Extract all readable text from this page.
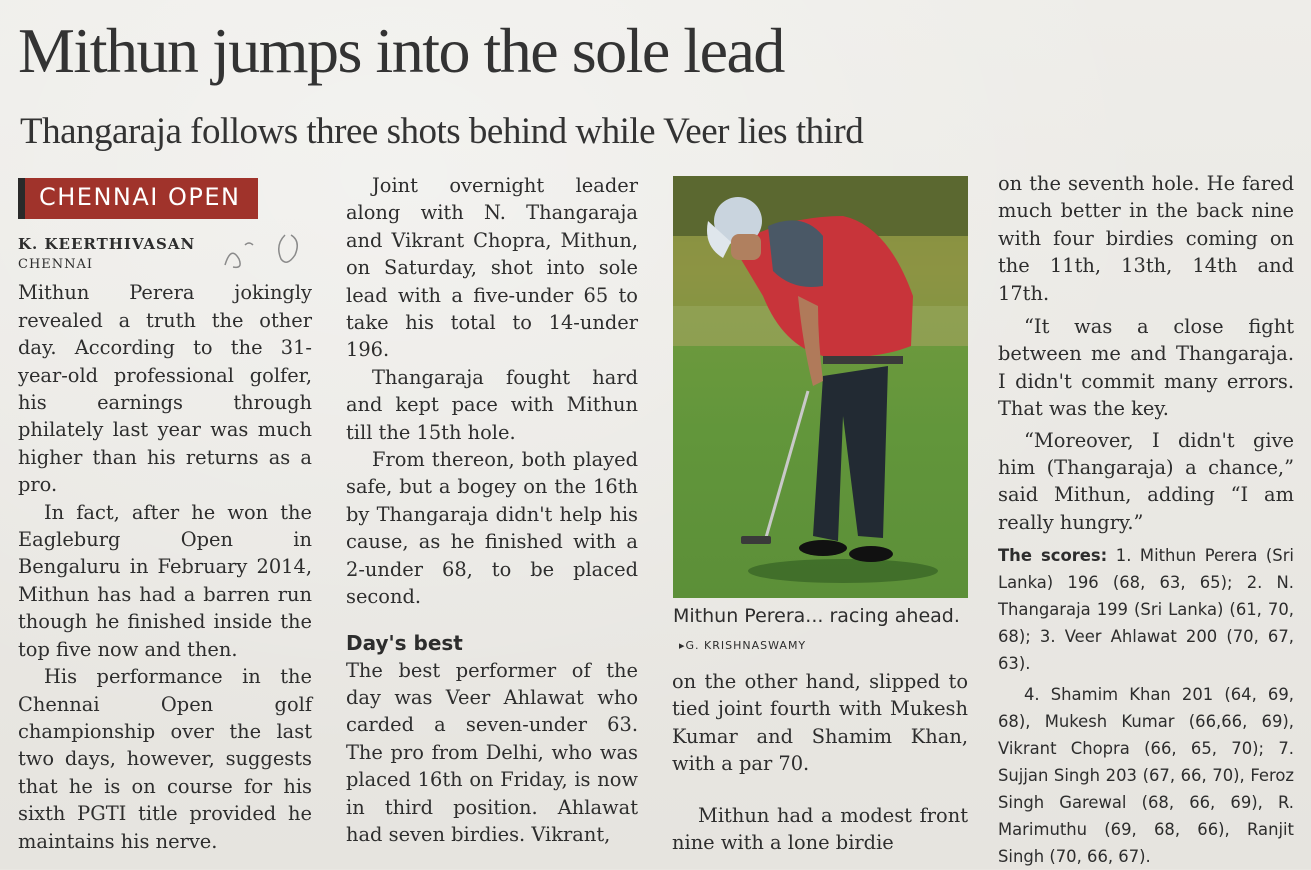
Mithun jumps into the sole lead
Thangaraja follows three shots behind while Veer lies third
CHENNAI OPEN
K. KEERTHIVASAN
CHENNAI

Mithun Perera jokingly revealed a truth the other day. According to the 31-year-old professional golfer, his earnings through philately last year was much higher than his returns as a pro.

In fact, after he won the Eagleburg Open in Bengaluru in February 2014, Mithun has had a barren run though he finished inside the top five now and then.

His performance in the Chennai Open golf championship over the last two days, however, suggests that he is on course for his sixth PGTI title provided he maintains his nerve.

Joint overnight leader along with N. Thangaraja and Vikrant Chopra, Mithun, on Saturday, shot into sole lead with a five-under 65 to take his total to 14-under 196.

Thangaraja fought hard and kept pace with Mithun till the 15th hole.

From thereon, both played safe, but a bogey on the 16th by Thangaraja didn't help his cause, as he finished with a 2-under 68, to be placed second.

Day's best

The best performer of the day was Veer Ahlawat who carded a seven-under 63. The pro from Delhi, who was placed 16th on Friday, is now in third position. Ahlawat had seven birdies. Vikrant,

Mithun Perera... racing ahead. ▸G. KRISHNASWAMY

on the other hand, slipped to tied joint fourth with Mukesh Kumar and Shamim Khan, with a par 70.

Mithun had a modest front nine with a lone birdie

on the seventh hole. He fared much better in the back nine with four birdies coming on the 11th, 13th, 14th and 17th.

“It was a close fight between me and Thangaraja. I didn't commit many errors. That was the key.

“Moreover, I didn't give him (Thangaraja) a chance,” said Mithun, adding “I am really hungry.”

The scores: 1. Mithun Perera (Sri Lanka) 196 (68, 63, 65); 2. N. Thangaraja 199 (Sri Lanka) (61, 70, 68); 3. Veer Ahlawat 200 (70, 67, 63).

4. Shamim Khan 201 (64, 69, 68), Mukesh Kumar (66,66, 69), Vikrant Chopra (66, 65, 70); 7. Sujjan Singh 203 (67, 66, 70), Feroz Singh Garewal (68, 66, 69), R. Marimuthu (69, 68, 66), Ranjit Singh (70, 66, 67).
